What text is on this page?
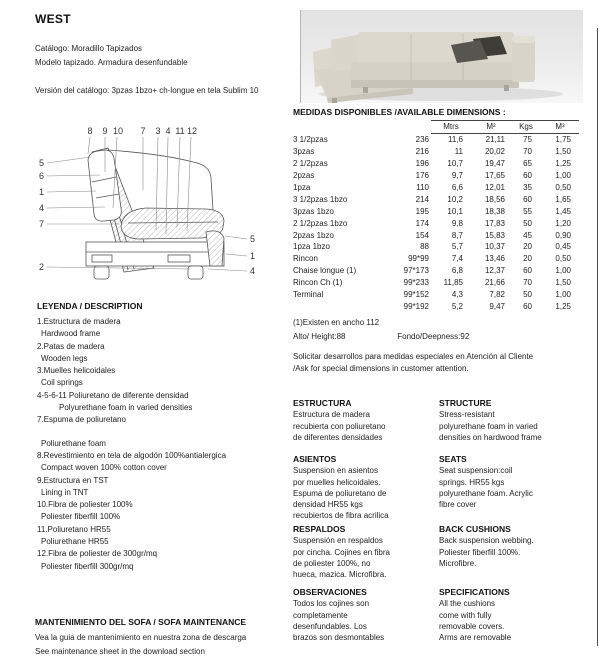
WEST

Catálogo: Moradillo Tapizados

Modelo tapizado. Armadura desenfundable

Versión del catálogo: 3pzas 1bzo+ ch-longue en tela Sublim 10

8 9 10 7 3 4 11 12
5
6
1
4
7
2
5
1
4
LEYENDA / DESCRIPTION
1.Estructura de madera
Hardwood frame
2.Patas de madera
Wooden legs
3.Muelles helicoidales
Coil springs
4-5-6-11 Poliuretano de diferente densidad
Polyurethane foam in varied densities
7.Espuma de poliuretano
Poliurethane foam
8.Revestimiento en tela de algodón 100%antialergica
Compact woven 100% cotton cover
9.Estructura en TST
Lining in TNT
10.Fibra de poliester 100%
Poliester fiberfill 100%
11.Poliuretano HR55
Poliurethane HR55
12.Fibra de poliester de 300gr/mq
Poliester fiberfill 300gr/mq
MEDIDAS DISPONIBLES /AVAILABLE DIMENSIONS :
		Mtrs	M²	Kgs	M³
3 1/2pzas	236	11,6	21,11	75	1,75
3pzas	216	11	20,02	70	1,50
2 1/2pzas	196	10,7	19,47	65	1,25
2pzas	176	9,7	17,65	60	1,00
1pza	110	6,6	12,01	35	0,50
3 1/2pzas 1bzo	214	10,2	18,56	60	1,65
3pzas 1bzo	195	10,1	18,38	55	1,45
2 1/2pzas 1bzo	174	9,8	17,83	50	1,20
2pzas 1bzo	154	8,7	15,83	45	0,90
1pza 1bzo	88	5,7	10,37	20	0,45
Rincon	99*99	7,4	13,46	20	0,50
Chaise longue (1)	97*173	6,8	12,37	60	1,00
Rincon Ch (1)	99*233	11,85	21,66	70	1,50
Terminal	99*152	4,3	7,82	50	1,00
	99*192	5,2	9,47	60	1,25

(1)Existen en ancho 112

Alto/ Height:88	Fondo/Deepness:92

Solicitar desarrollos para medidas especiales en Atención al Cliente

/Ask for special dimensions in customer attention.

ESTRUCTURA

Estructura de madera

recubierta con poliuretano

de diferentes densidades

STRUCTURE

Stress-resistant

polyurethane foam in varied

densities on hardwood frame

ASIENTOS

Suspension en asientos

por muelles helicoidales.

Espuma de poliuretano de

densidad HR55 kgs

recubiertos de fibra acrilica

SEATS

Seat suspension:coil

springs. HR55 kgs

polyurethane foam. Acrylic

fibre cover

RESPALDOS

Suspensión en respaldos

por cincha. Cojines en fibra

de poliester 100%, no

hueca, mazica. Microfibra.

BACK CUSHIONS

Back suspension webbing.

Poliester fiberfill 100%.

Microfibre.

OBSERVACIONES

Todos los cojines son

completamente

desenfundables. Los

brazos son desmontables

SPECIFICATIONS

All the cushions

come with fully

removable covers.

Arms are removable

MANTENIMIENTO DEL SOFA / SOFA MAINTENANCE

Vea la guia de mantenimiento en nuestra zona de descarga

See maintenance sheet in the download section
